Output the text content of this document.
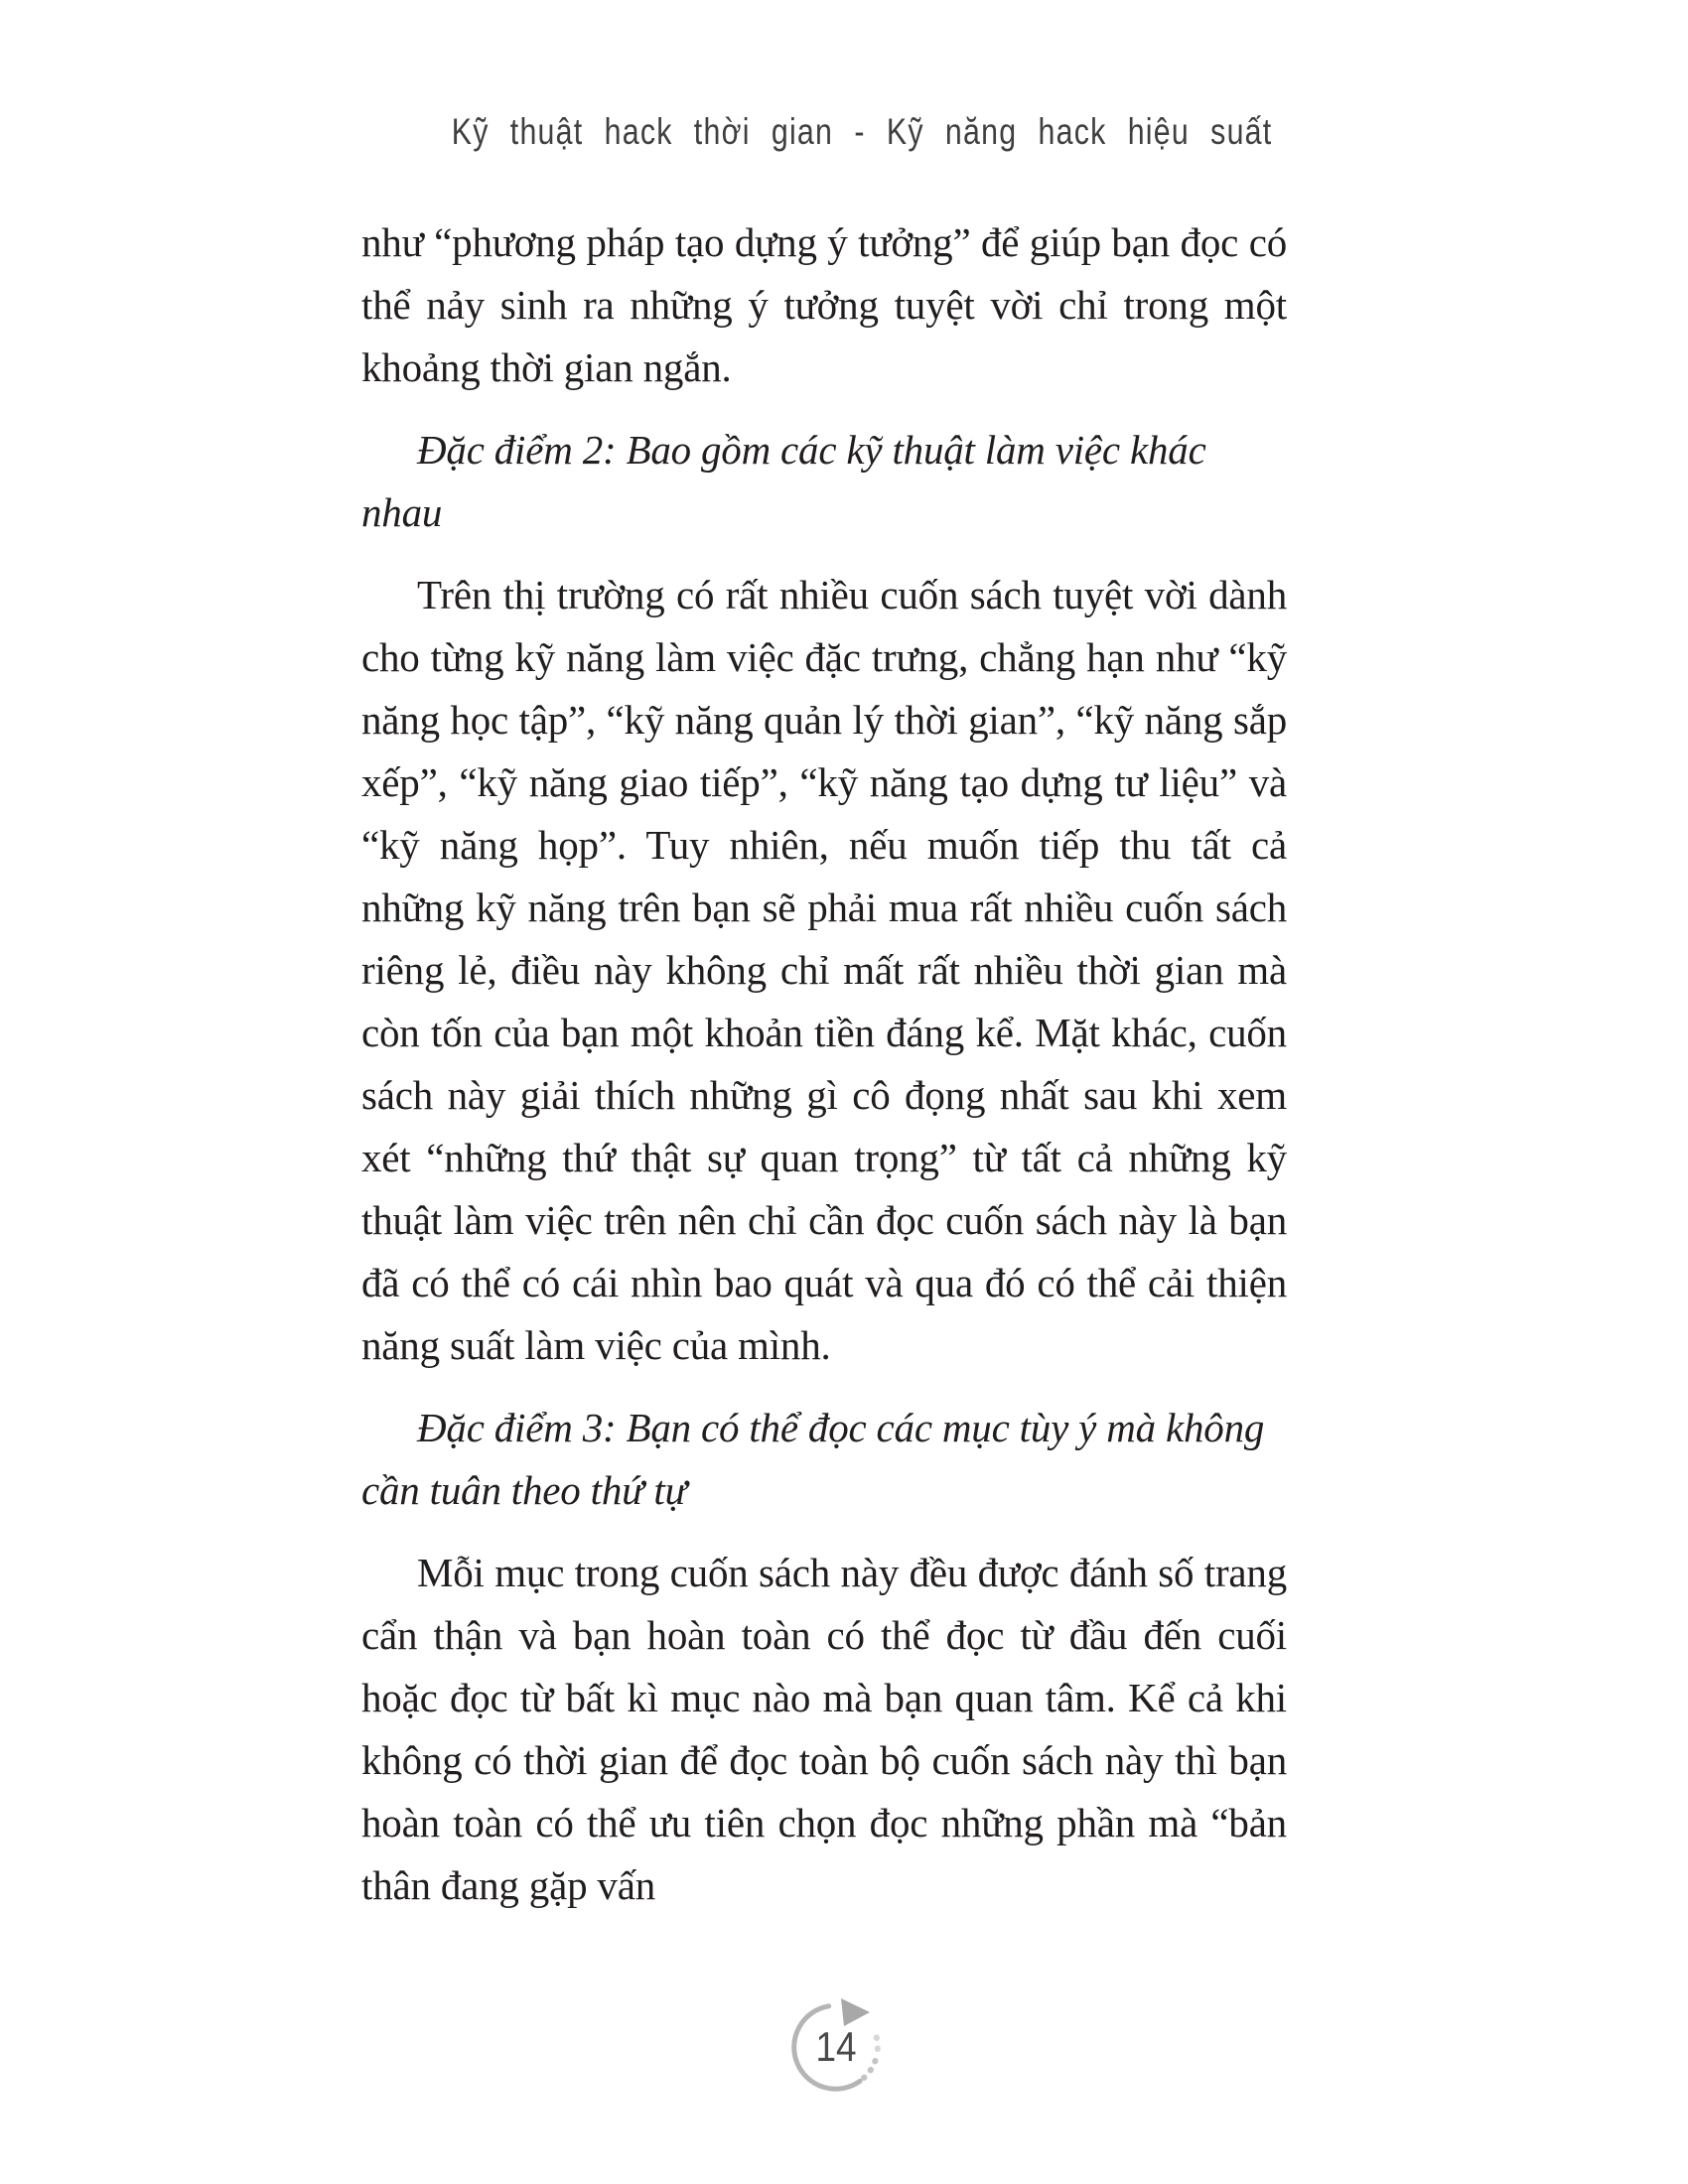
Kỹ thuật hack thời gian - Kỹ năng hack hiệu suất

như “phương pháp tạo dựng ý tưởng” để giúp bạn đọc có thể nảy sinh ra những ý tưởng tuyệt vời chỉ trong một khoảng thời gian ngắn.

Đặc điểm 2: Bao gồm các kỹ thuật làm việc khác nhau

Trên thị trường có rất nhiều cuốn sách tuyệt vời dành cho từng kỹ năng làm việc đặc trưng, chẳng hạn như “kỹ năng học tập”, “kỹ năng quản lý thời gian”, “kỹ năng sắp xếp”, “kỹ năng giao tiếp”, “kỹ năng tạo dựng tư liệu” và “kỹ năng họp”. Tuy nhiên, nếu muốn tiếp thu tất cả những kỹ năng trên bạn sẽ phải mua rất nhiều cuốn sách riêng lẻ, điều này không chỉ mất rất nhiều thời gian mà còn tốn của bạn một khoản tiền đáng kể. Mặt khác, cuốn sách này giải thích những gì cô đọng nhất sau khi xem xét “những thứ thật sự quan trọng” từ tất cả những kỹ thuật làm việc trên nên chỉ cần đọc cuốn sách này là bạn đã có thể có cái nhìn bao quát và qua đó có thể cải thiện năng suất làm việc của mình.

Đặc điểm 3: Bạn có thể đọc các mục tùy ý mà không cần tuân theo thứ tự

Mỗi mục trong cuốn sách này đều được đánh số trang cẩn thận và bạn hoàn toàn có thể đọc từ đầu đến cuối hoặc đọc từ bất kì mục nào mà bạn quan tâm. Kể cả khi không có thời gian để đọc toàn bộ cuốn sách này thì bạn hoàn toàn có thể ưu tiên chọn đọc những phần mà “bản thân đang gặp vấn

14
